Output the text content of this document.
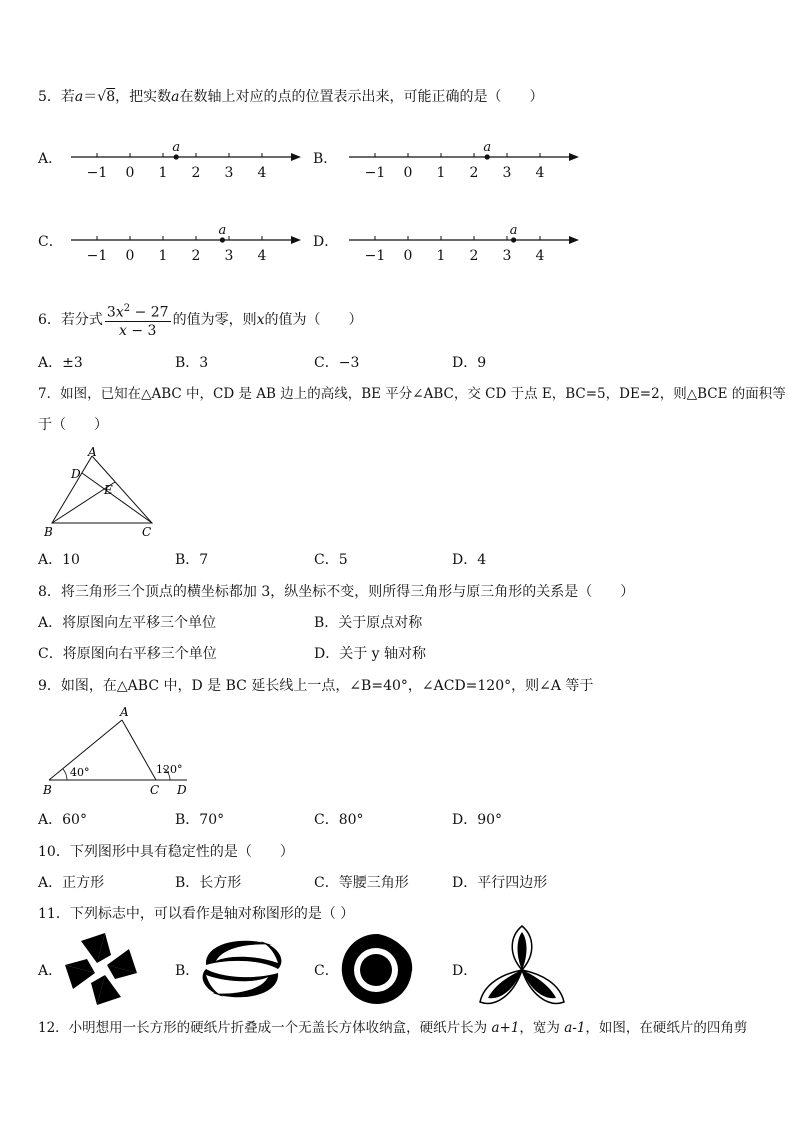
5．若a＝√8，把实数a在数轴上对应的点的位置表示出来，可能正确的是（　　）
A．	B．
C．	D．
−1 0 1 2 3 4
a
−1 0 1 2 3 4
a
−1 0 1 2 3 4
a
−1 0 1 2 3 4
a
6．若分式 $\frac{3x^2 - 27}{x - 3}$ 的值为零，则 x 的值为（　　）
A．±3	B．3	C．−3	D．9
7．如图，已知在△ABC 中，CD 是 AB 边上的高线，BE 平分∠ABC，交 CD 于点 E，BC=5，DE=2，则△BCE 的面积等
于（　　）
A
D
E
B	C
A．10	B．7	C．5	D．4
8．将三角形三个顶点的横坐标都加 3，纵坐标不变，则所得三角形与原三角形的关系是（　　）
A．将原图向左平移三个单位	B．关于原点对称
C．将原图向右平移三个单位	D．关于 y 轴对称
9．如图，在△ABC 中，D 是 BC 延长线上一点，∠B=40°，∠ACD=120°，则∠A 等于
A
B	C D
40°	120°
A．60°	B．70°	C．80°	D．90°
10．下列图形中具有稳定性的是（　　）
A．正方形	B．长方形	C．等腰三角形	D．平行四边形
11．下列标志中，可以看作是轴对称图形的是（ ）
A．	B．	C．	D．
12．小明想用一长方形的硬纸片折叠成一个无盖长方体收纳盒，硬纸片长为 a+1，宽为 a-1，如图，在硬纸片的四角剪
